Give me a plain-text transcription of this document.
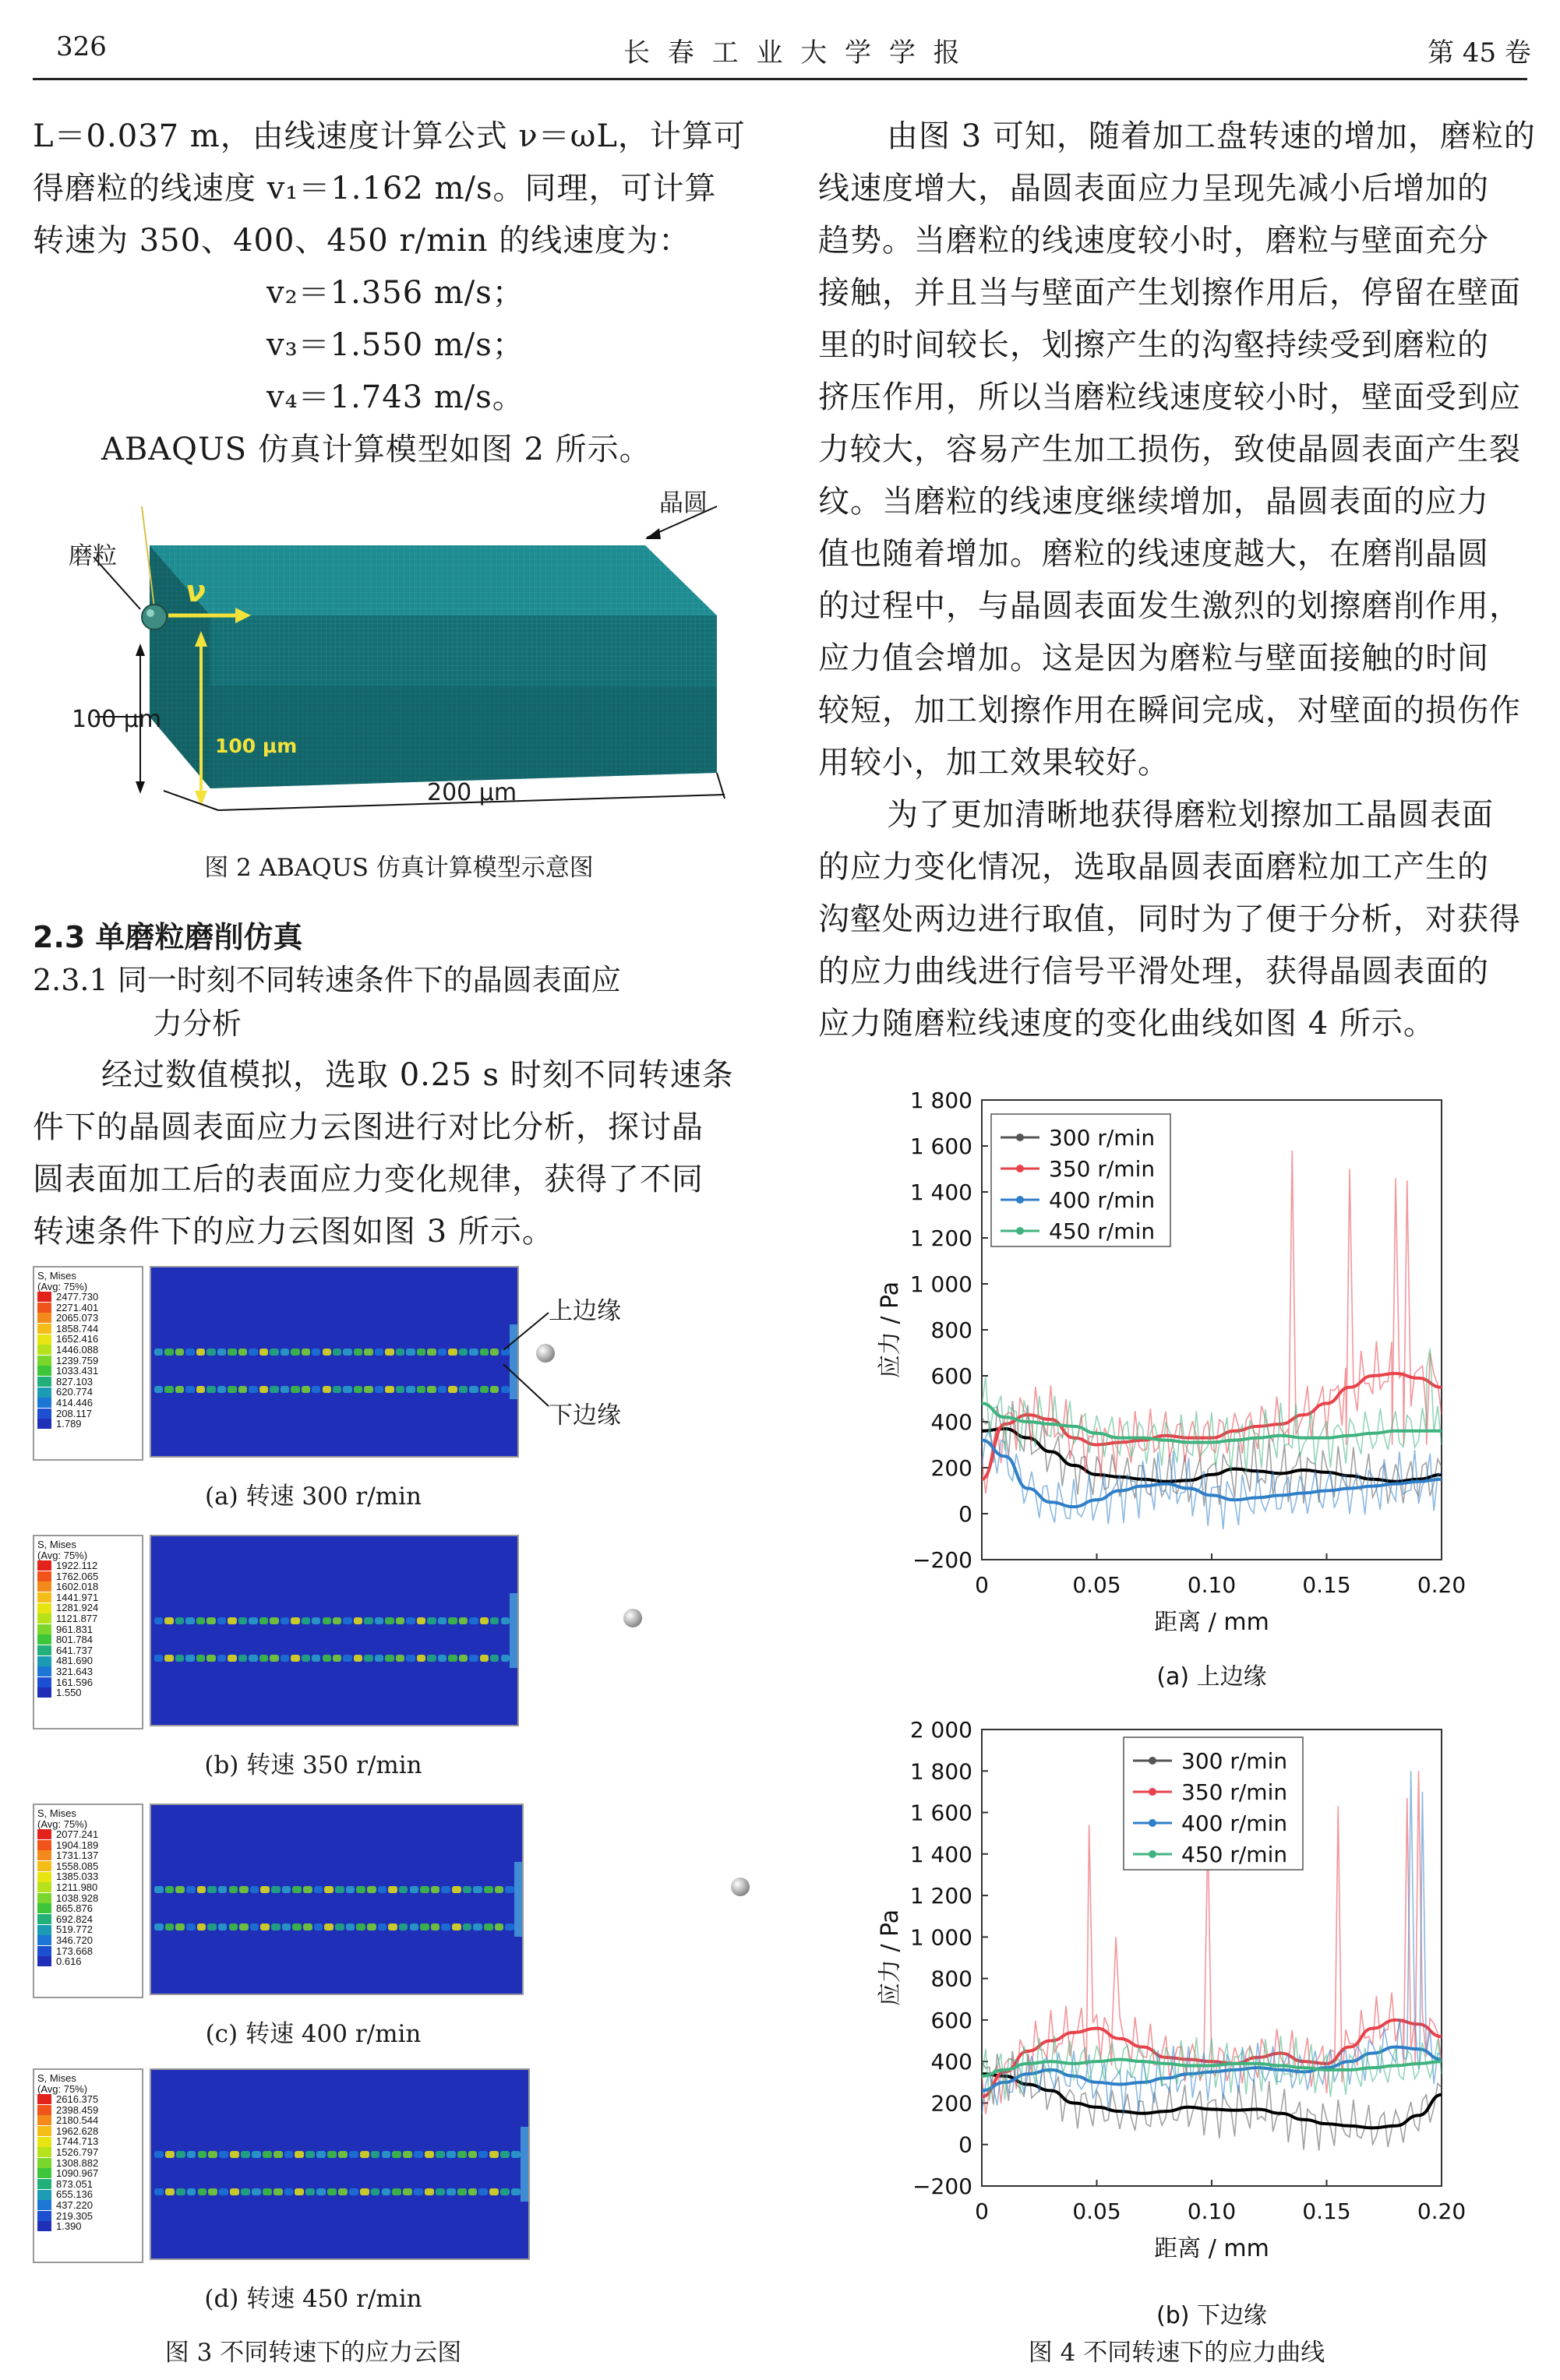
326	长 春 工 业 大 学 学 报	第 45 卷

L＝0.037 m，由线速度计算公式 ν＝ωL，计算可

得磨粒的线速度 v₁＝1.162 m/s。同理，可计算

转速为 350、400、450 r/min 的线速度为：

v₂＝1.356 m/s；

v₃＝1.550 m/s；

v₄＝1.743 m/s。

ABAQUS 仿真计算模型如图 2 所示。

ν
100 μm
晶圆
磨粒
100 μm
200 μm
图 2 ABAQUS 仿真计算模型示意图
2.3 单磨粒磨削仿真
2.3.1 同一时刻不同转速条件下的晶圆表面应
力分析

经过数值模拟，选取 0.25 s 时刻不同转速条

件下的晶圆表面应力云图进行对比分析，探讨晶

圆表面加工后的表面应力变化规律，获得了不同

转速条件下的应力云图如图 3 所示。

S, Mises
(Avg: 75%)
2477.730
2271.401
2065.073
1858.744
1652.416
1446.088
1239.759
1033.431
827.103
620.774
414.446
208.117
1.789
(a) 转速 300 r/min
S, Mises
(Avg: 75%)
1922.112
1762.065
1602.018
1441.971
1281.924
1121.877
961.831
801.784
641.737
481.690
321.643
161.596
1.550
(b) 转速 350 r/min
S, Mises
(Avg: 75%)
2077.241
1904.189
1731.137
1558.085
1385.033
1211.980
1038.928
865.876
692.824
519.772
346.720
173.668
0.616
(c) 转速 400 r/min
S, Mises
(Avg: 75%)
2616.375
2398.459
2180.544
1962.628
1744.713
1526.797
1308.882
1090.967
873.051
655.136
437.220
219.305
1.390
(d) 转速 450 r/min
上边缘
下边缘
图 3 不同转速下的应力云图

由图 3 可知，随着加工盘转速的增加，磨粒的

线速度增大，晶圆表面应力呈现先减小后增加的

趋势。当磨粒的线速度较小时，磨粒与壁面充分

接触，并且当与壁面产生划擦作用后，停留在壁面

里的时间较长，划擦产生的沟壑持续受到磨粒的

挤压作用，所以当磨粒线速度较小时，壁面受到应

力较大，容易产生加工损伤，致使晶圆表面产生裂

纹。当磨粒的线速度继续增加，晶圆表面的应力

值也随着增加。磨粒的线速度越大，在磨削晶圆

的过程中，与晶圆表面发生激烈的划擦磨削作用，

应力值会增加。这是因为磨粒与壁面接触的时间

较短，加工划擦作用在瞬间完成，对壁面的损伤作

用较小，加工效果较好。

为了更加清晰地获得磨粒划擦加工晶圆表面

的应力变化情况，选取晶圆表面磨粒加工产生的

沟壑处两边进行取值，同时为了便于分析，对获得

的应力曲线进行信号平滑处理，获得晶圆表面的

应力随磨粒线速度的变化曲线如图 4 所示。

−200
0
200
400
600
800
1 000
1 200
1 400
1 600
1 800
0	0.05	0.10	0.15	0.20
距离 / mm
应力 / Pa
300 r/min
350 r/min
400 r/min
450 r/min
(a) 上边缘
−200
0
200
400
600
800
1 000
1 200
1 400
1 600
1 800
2 000
0	0.05	0.10	0.15	0.20
距离 / mm
应力 / Pa
300 r/min
350 r/min
400 r/min
450 r/min
(b) 下边缘
图 4 不同转速下的应力曲线
